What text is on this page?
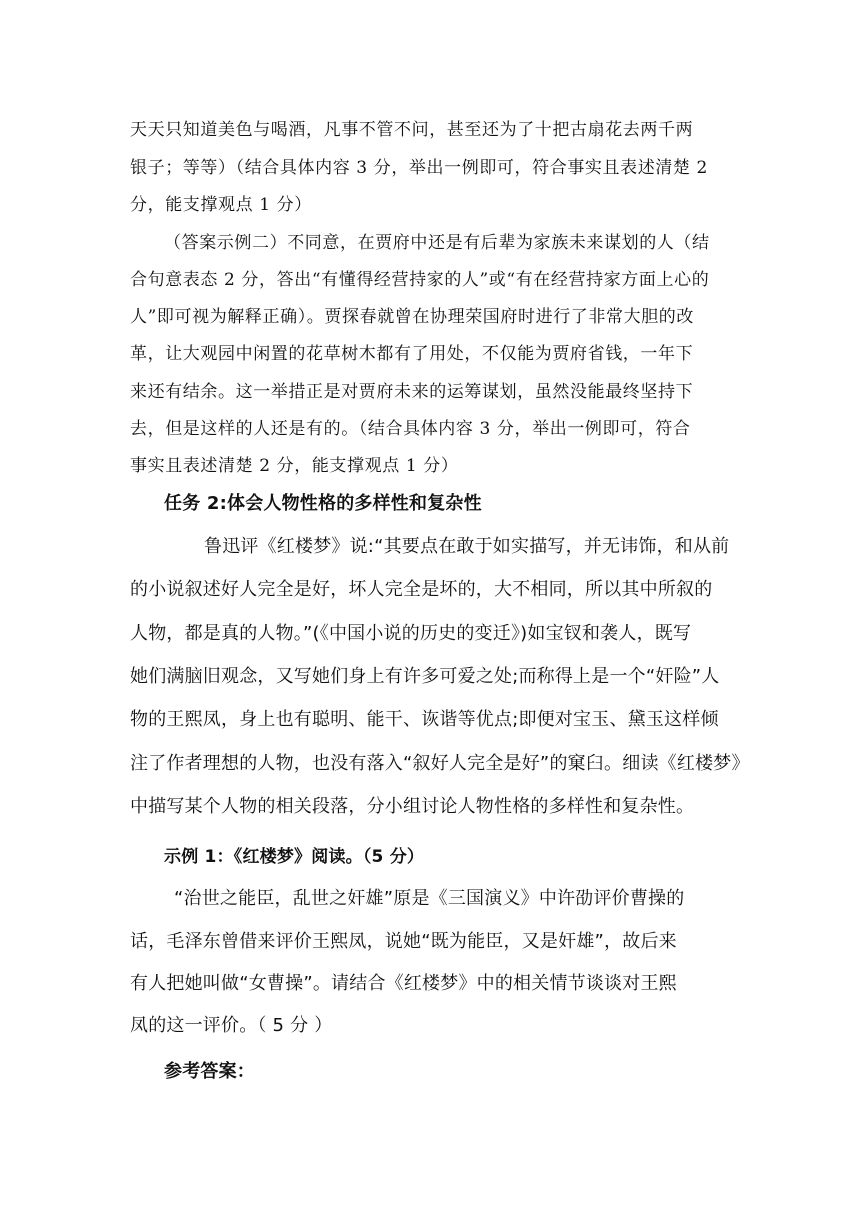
天天只知道美色与喝酒，凡事不管不问，甚至还为了十把古扇花去两千两
银子；等等）（结合具体内容 3 分，举出一例即可，符合事实且表述清楚 2
分，能支撑观点 1 分）
（答案示例二）不同意，在贾府中还是有后辈为家族未来谋划的人（结
合句意表态 2 分，答出“有懂得经营持家的人”或“有在经营持家方面上心的
人”即可视为解释正确）。贾探春就曾在协理荣国府时进行了非常大胆的改
革，让大观园中闲置的花草树木都有了用处，不仅能为贾府省钱，一年下
来还有结余。这一举措正是对贾府未来的运筹谋划，虽然没能最终坚持下
去，但是这样的人还是有的。（结合具体内容 3 分，举出一例即可，符合
事实且表述清楚 2 分，能支撑观点 1 分）
任务 2:体会人物性格的多样性和复杂性
鲁迅评《红楼梦》说:“其要点在敢于如实描写，并无讳饰，和从前
的小说叙述好人完全是好，坏人完全是坏的，大不相同，所以其中所叙的
人物，都是真的人物。”(《中国小说的历史的变迁》)如宝钗和袭人，既写
她们满脑旧观念，又写她们身上有许多可爱之处;而称得上是一个“奸险”人
物的王熙凤，身上也有聪明、能干、诙谐等优点;即便对宝玉、黛玉这样倾
注了作者理想的人物，也没有落入“叙好人完全是好”的窠臼。细读《红楼梦》
中描写某个人物的相关段落，分小组讨论人物性格的多样性和复杂性。
示例 1：《红楼梦》阅读。（5 分）
“治世之能臣，乱世之奸雄”原是《三国演义》中许劭评价曹操的
话，毛泽东曾借来评价王熙凤，说她“既为能臣，又是奸雄”，故后来
有人把她叫做“女曹操”。请结合《红楼梦》中的相关情节谈谈对王熙
凤的这一评价。（ 5 分 ）
参考答案：
